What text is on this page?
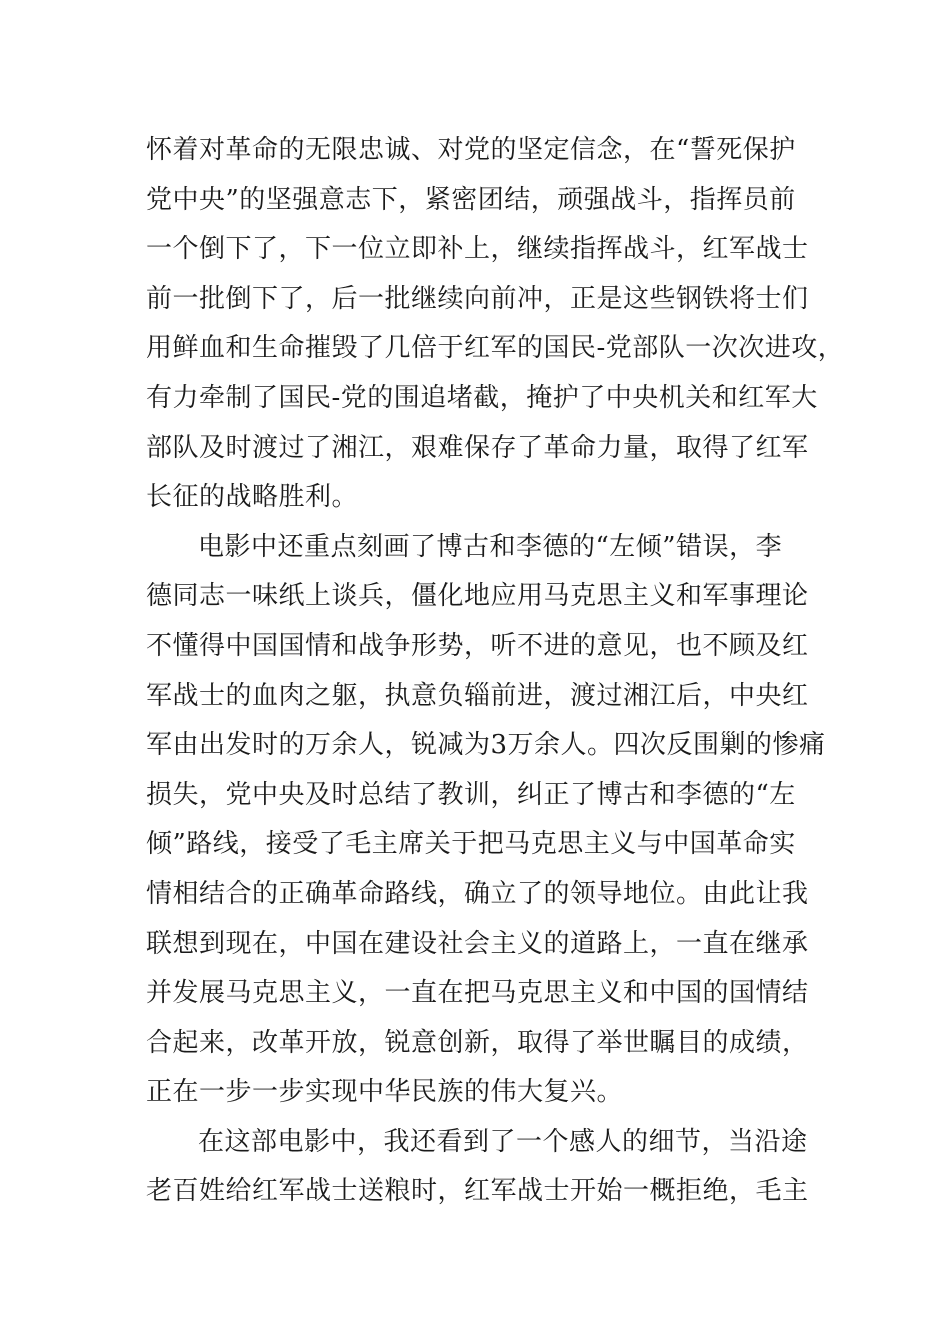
怀着对革命的无限忠诚、对党的坚定信念，在“誓死保护
党中央”的坚强意志下，紧密团结，顽强战斗，指挥员前
一个倒下了，下一位立即补上，继续指挥战斗，红军战士
前一批倒下了，后一批继续向前冲，正是这些钢铁将士们
用鲜血和生命摧毁了几倍于红军的国民-党部队一次次进攻，
有力牵制了国民-党的围追堵截，掩护了中央机关和红军大
部队及时渡过了湘江，艰难保存了革命力量，取得了红军
长征的战略胜利。
电影中还重点刻画了博古和李德的“左倾”错误，李
德同志一味纸上谈兵，僵化地应用马克思主义和军事理论
不懂得中国国情和战争形势，听不进的意见，也不顾及红
军战士的血肉之躯，执意负辎前进，渡过湘江后，中央红
军由出发时的万余人，锐减为3万余人。四次反围剿的惨痛
损失，党中央及时总结了教训，纠正了博古和李德的“左
倾”路线，接受了毛主席关于把马克思主义与中国革命实
情相结合的正确革命路线，确立了的领导地位。由此让我
联想到现在，中国在建设社会主义的道路上，一直在继承
并发展马克思主义，一直在把马克思主义和中国的国情结
合起来，改革开放，锐意创新，取得了举世瞩目的成绩，
正在一步一步实现中华民族的伟大复兴。
在这部电影中，我还看到了一个感人的细节，当沿途
老百姓给红军战士送粮时，红军战士开始一概拒绝，毛主
